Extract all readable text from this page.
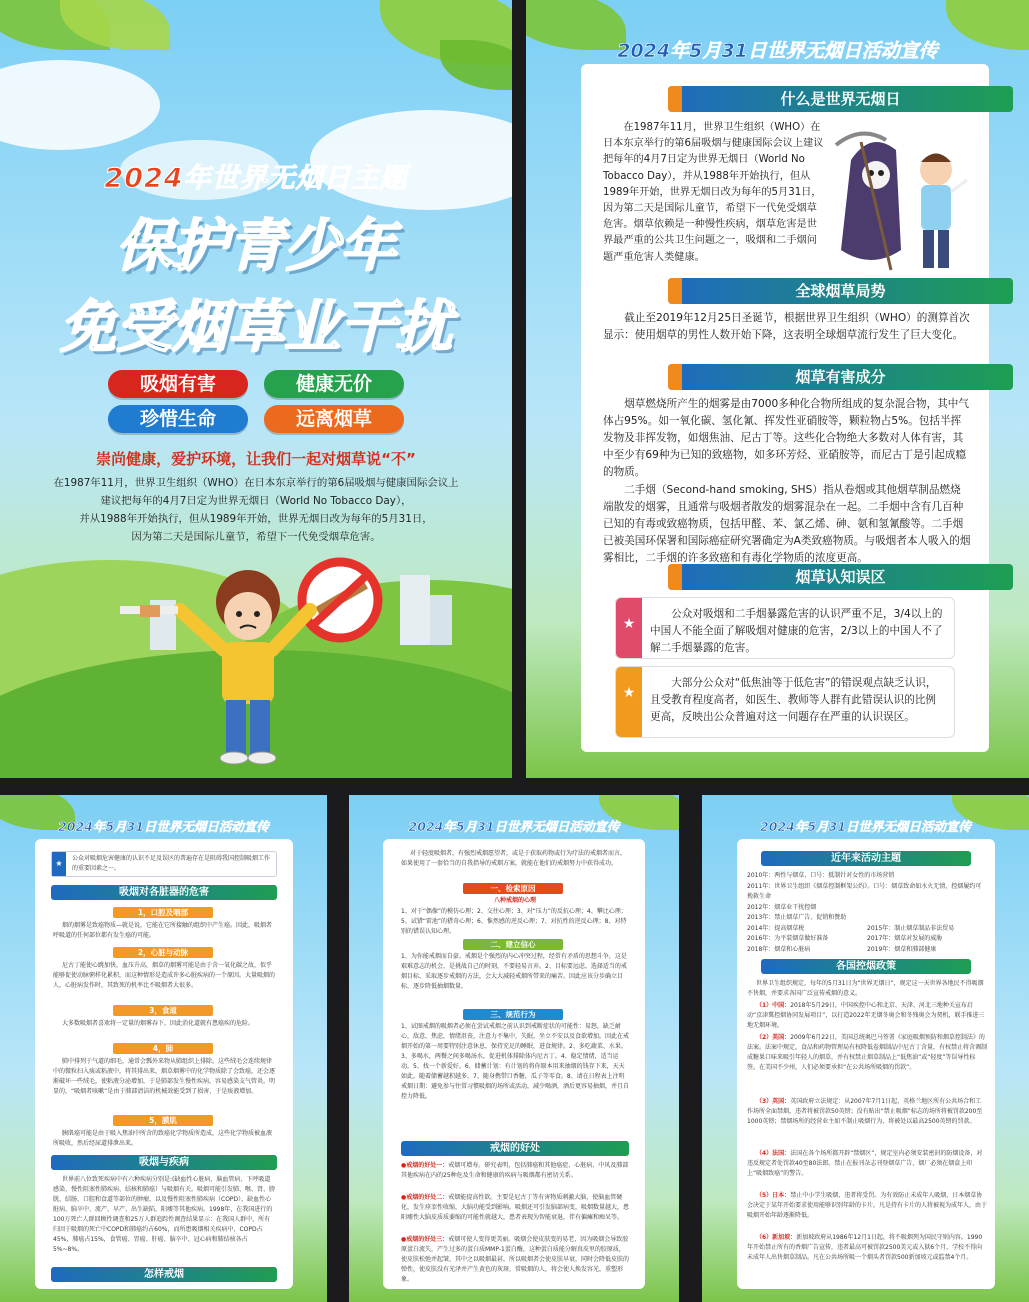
2024年世界无烟日主题
保护青少年
免受烟草业干扰
吸烟有害	健康无价
珍惜生命	远离烟草
崇尚健康，爱护环境，让我们一起对烟草说“不”
在1987年11月，世界卫生组织（WHO）在日本东京举行的第6届吸烟与健康国际会议上
建议把每年的4月7日定为世界无烟日（World No Tobacco Day），
并从1988年开始执行，但从1989年开始，世界无烟日改为每年的5月31日，
因为第二天是国际儿童节，希望下一代免受烟草危害。
2024年5月31日世界无烟日活动宣传
什么是世界无烟日
在1987年11月，世界卫生组织（WHO）在日本东京举行的第6届吸烟与健康国际会议上建议把每年的4月7日定为世界无烟日（World No Tobacco Day），并从1988年开始执行，但从1989年开始，世界无烟日改为每年的5月31日，因为第二天是国际儿童节，希望下一代免受烟草危害。烟草依赖是一种慢性疾病，烟草危害是世界最严重的公共卫生问题之一，吸烟和二手烟问题严重危害人类健康。
全球烟草局势
截止至2019年12月25日圣诞节，根据世界卫生组织（WHO）的测算首次显示：使用烟草的男性人数开始下降，这表明全球烟草流行发生了巨大变化。
烟草有害成分
烟草燃烧所产生的烟雾是由7000多种化合物所组成的复杂混合物，其中气体占95%。如一氧化碳、氢化氰、挥发性亚硝胺等，颗粒物占5%。包括半挥发物及非挥发物，如烟焦油、尼古丁等。这些化合物绝大多数对人体有害，其中至少有69种为已知的致癌物，如多环芳烃、亚硝胺等，而尼古丁是引起成瘾的物质。
二手烟（Second-hand smoking, SHS）指从卷烟或其他烟草制品燃烧端散发的烟雾，且通常与吸烟者散发的烟雾混杂在一起。二手烟中含有几百种已知的有毒或致癌物质，包括甲醛、苯、氯乙烯、砷、氨和氢氰酸等。二手烟已被美国环保署和国际癌症研究署确定为A类致癌物质。与吸烟者本人吸入的烟雾相比，二手烟的许多致癌和有毒化学物质的浓度更高。
烟草认知误区
★
公众对吸烟和二手烟暴露危害的认识严重不足，3/4以上的中国人不能全面了解吸烟对健康的危害，2/3以上的中国人不了解二手烟暴露的危害。
★
大部分公众对“低焦油等于低危害”的错误观点缺乏认识，且受教育程度高者，如医生、教师等人群有此错误认识的比例更高，反映出公众普遍对这一问题存在严重的认识误区。
2024年5月31日世界无烟日活动宣传
★
公众对吸烟危害健康的认识不足及误区的普遍存在是阻碍我国控制吸烟工作的重要因素之一。
吸烟对各脏器的危害
1，口腔及咽部
烟的烟雾是致癌物质—就是说，它能在它所接触的组织中产生癌。因此，吸烟者呼吸道的任何部位都有发生癌的可能。
2，心脏与动脉
尼古丁能使心跳加快，血压升高，烟草的烟雾可能是由于含一氧化碳之故，似乎能够促使动脉粥样化累积，而这种情形是造成许多心脏疾病的一个原因。大量吸烟的人，心脏病发作时，其致死的机率比不吸烟者大很多。
3，食道
大多数吸烟者喜欢将一定量的烟雾吞下，因此消化道就有患癌疾的危险。
4，肺
肺中排列于气道的细毛，通常会瓢外来物从肺组织上排除。这些绒毛会连续规律中的微粒扫入痰或粘液中，将其排出来，烟草烟雾中的化学物质除了会致癌，还会逐渐破坏一些绒毛，使粘液分泌增加，于是肺部发生慢性疾病，容易感染支气管炎。明显的，“吸烟者咳嗽”是由于肺部清洁的机械效能受到了损害，于是痰液增加。
5，膜肌
胰肌癌可能是由于吸入焦油中所含的致癌化学物质所造成，这些化学物质被血液所吸收，然后经尿道排泄出来。
吸烟与疾病
世界前八位致死疾病中有六种疾病分别是:(缺血性心脏病、脑血管病、下呼吸道感染、慢性阻塞性肺疾病、结核和肺癌）与吸烟有关。吸烟可能引发肺、喉、肾、膀胱、结肠、口腔和食道等部位的肿瘤，以及慢性阻塞性肺疾病（COPD）、缺血性心脏病、脑卒中、流产、早产、出生缺陷、阳痿等其他疾病。1998年，在我国进行的100万死亡人群回顾性调查和25万人群追踪性调查结果显示：在我国人群中，所有归因于吸烟的死亡中COPD和肺癌约占60%，而所患吸烟相关疾病中，COPD占45%，肺癌占15%，食管癌、胃癌、肝癌、脑卒中、冠心病和肺结核各占5%~8%。
怎样戒烟
2024年5月31日世界无烟日活动宣传
对于轻度吸烟者，有强烈戒烟愿望者，或是于获取药物或行为疗法的戒烟者而言，如果使用了一套恰当的自我指导的戒烟方案，就能在他们的戒烟努力中获得成功。
一、检索原因
八种戒烟的心理
1、对于“偶像”的模仿心理；2、交往心理；3、对“压力”的反抗心理；4、攀比心理；5、试错“雷池”的猎奇心理；6、惟然感的逆反心理；7、对抗性的逆反心理；8、对特别的错误认知心理。
二、建立信心
1、为你能戒烟而自豪。戒烟是个强烈的内心冲突过程，经常有矛盾的思想斗争，这是艰难意志的机会，是挑战自己的时刻，不要轻易言弃。2、目标要远虑。选择适当的戒烟目标，采取逐步戒烟的方法，会大大减轻戒烟所带来的痛苦。因此应该分步确立目标，逐步降低抽烟数量。
三、规范行为
1、试图戒烟的吸烟者必须在尝试戒烟之前认识到戒断症状的可能性：易怒，缺乏耐心，敌意，焦虑，情绪沮丧，注意力不集中，失眠，坐立不安以及食欲增加。因此在戒烟开始的第一周要特别注意休息，保持充足的睡眠，进食规律。2、多吃蔬菜、水果。3、多喝水，两餐之间多喝汤水，促进机体排除体内尼古丁。4、稳定情绪，适当运动。5、找一个新爱好。6、储蓄计划：有计划的将你原本用来抽烟的钱存下来，天天如此，随着储蓄越积越多。7、随身携带口香糖，瓜子等零食。8、请在日程表上注明戒烟日期：避免参与往常习惯吸烟的场所或活动，减少喝酒，酒后更容易抽烟，并且自控力降低。
戒烟的好处
●戒烟的好处一：戒烟可增寿。研究表明，包括肺癌和其他癌症、心脏病、中风及肺部其他疾病在内的25种危及生命和健康的疾病与吸烟都有密切关系。
●戒烟的好处二：戒烟能提高性欲。主要是尼古丁等有害物质刺激大脑，使脑血管硬化，发生痉挛性收缩，大脑功能受到影响。吸烟还可引发脑部病变，吸烟数量越大，患阳痿性大脑皮质质萎缩的可能性就越大，患者表现为智能衰退，伴有偏瘫和痴呆等。
●戒烟的好处三：戒烟可使人变得更美丽。吸烟会使皮肤变的易老，因为吸烟会导致胶原蛋白流失，产生过多的蛋白质MMP-1蛋白酶，这种蛋白质能分解真皮里的胶原质，使皮肤松弛并起皱，其中之以吸烟最甚，所以吸烟者会使皮肤早衰，同时会降低皮肤的弹性，使皮肤没有光泽并产生黄色的灰斑，常吸烟的人，将会使人焕发容光，重塑形象。
2024年5月31日世界无烟日活动宣传
近年来活动主题
2010年：两性与烟草，口号：抵制针对女性的市场营销
2011年：世界卫生组织《烟草控制框架公约》。口号：烟草致命如水火无情，控烟履约可挽救生命
2012年：烟草业干扰控烟
2013年：禁止烟草广告、促销和赞助
2014年：提高烟草税	2015年：制止烟草制品非法贸易
2016年：为平装烟草做好准备	2017年：烟草对发展的威胁
2018年：烟草和心脏病	2019年：烟草和肺部健康
各国控烟政策
世界卫生组织规定，每年的5月31日为“世界无烟日”，规定这一天世界各地民不得吸烟不售烟，并要求各国广泛宣传戒烟的意义。
（1）中国：2018年5月29日，中国疾控中心和北京、天津、河北三地种关宣布启动“京津冀控烟协同发展项目”，以打造2022年无烟冬奥会和冬残奥会为契机，联手推进三地无烟环境。
（2）美国：2009年6月22日，美国总统奥巴马签署《家庭吸烟预防和烟草控制法》的法案。法案中规定，食品和药物管理局有权降低卷烟制品中尼古丁含量，有权禁止将含调制成糖果口味来吸引年轻人的烟草，并有权禁止烟草制品上“低焦油”或“轻度”等误导性标签。在美国不少州，人们必须要承担“在公共场所吸烟的罚款”。
（3）英国：英国政府立法规定：从2007年7月1日起，英格兰地区所有公共场合和工作场所全面禁烟，违者将被罚款50英镑；没有贴出“禁止吸烟”标志的场所将被罚款200至1000英镑；禁烟场所的经营业主如不制止吸烟行为，将被处以最高2500英镑的罚款。
（4）法国：法国在各个场所都开辟“禁烟区”，规定室内必须安装密封的防烟设备，对违反规定者处罚款40至80法郎。禁止在报刊杂志刊登烟草广告，烟厂必须在烟盒上印上“吸烟致癌”的警告。
（5）日本：禁止中小学生吸烟，违者将受罚。为有效防止未成年人吸烟，日本烟草协会决定于某年开始要求使用能够识别年龄的卡片。凡是持有卡片的人将被视为成年人，由于吸烟开始年龄逐渐降低。
（6）新加坡：新加坡政府从1986年12月1日起，将不吸烟列为国民守则内容。1990年开始禁止所有的香烟广告宣传，违者最高可被罚款2500美元或入狱6个月，学校不得向未成年人出售烟草制品。凡在公共场所吸一个烟头者罚款500新加坡元或监禁4个月。
